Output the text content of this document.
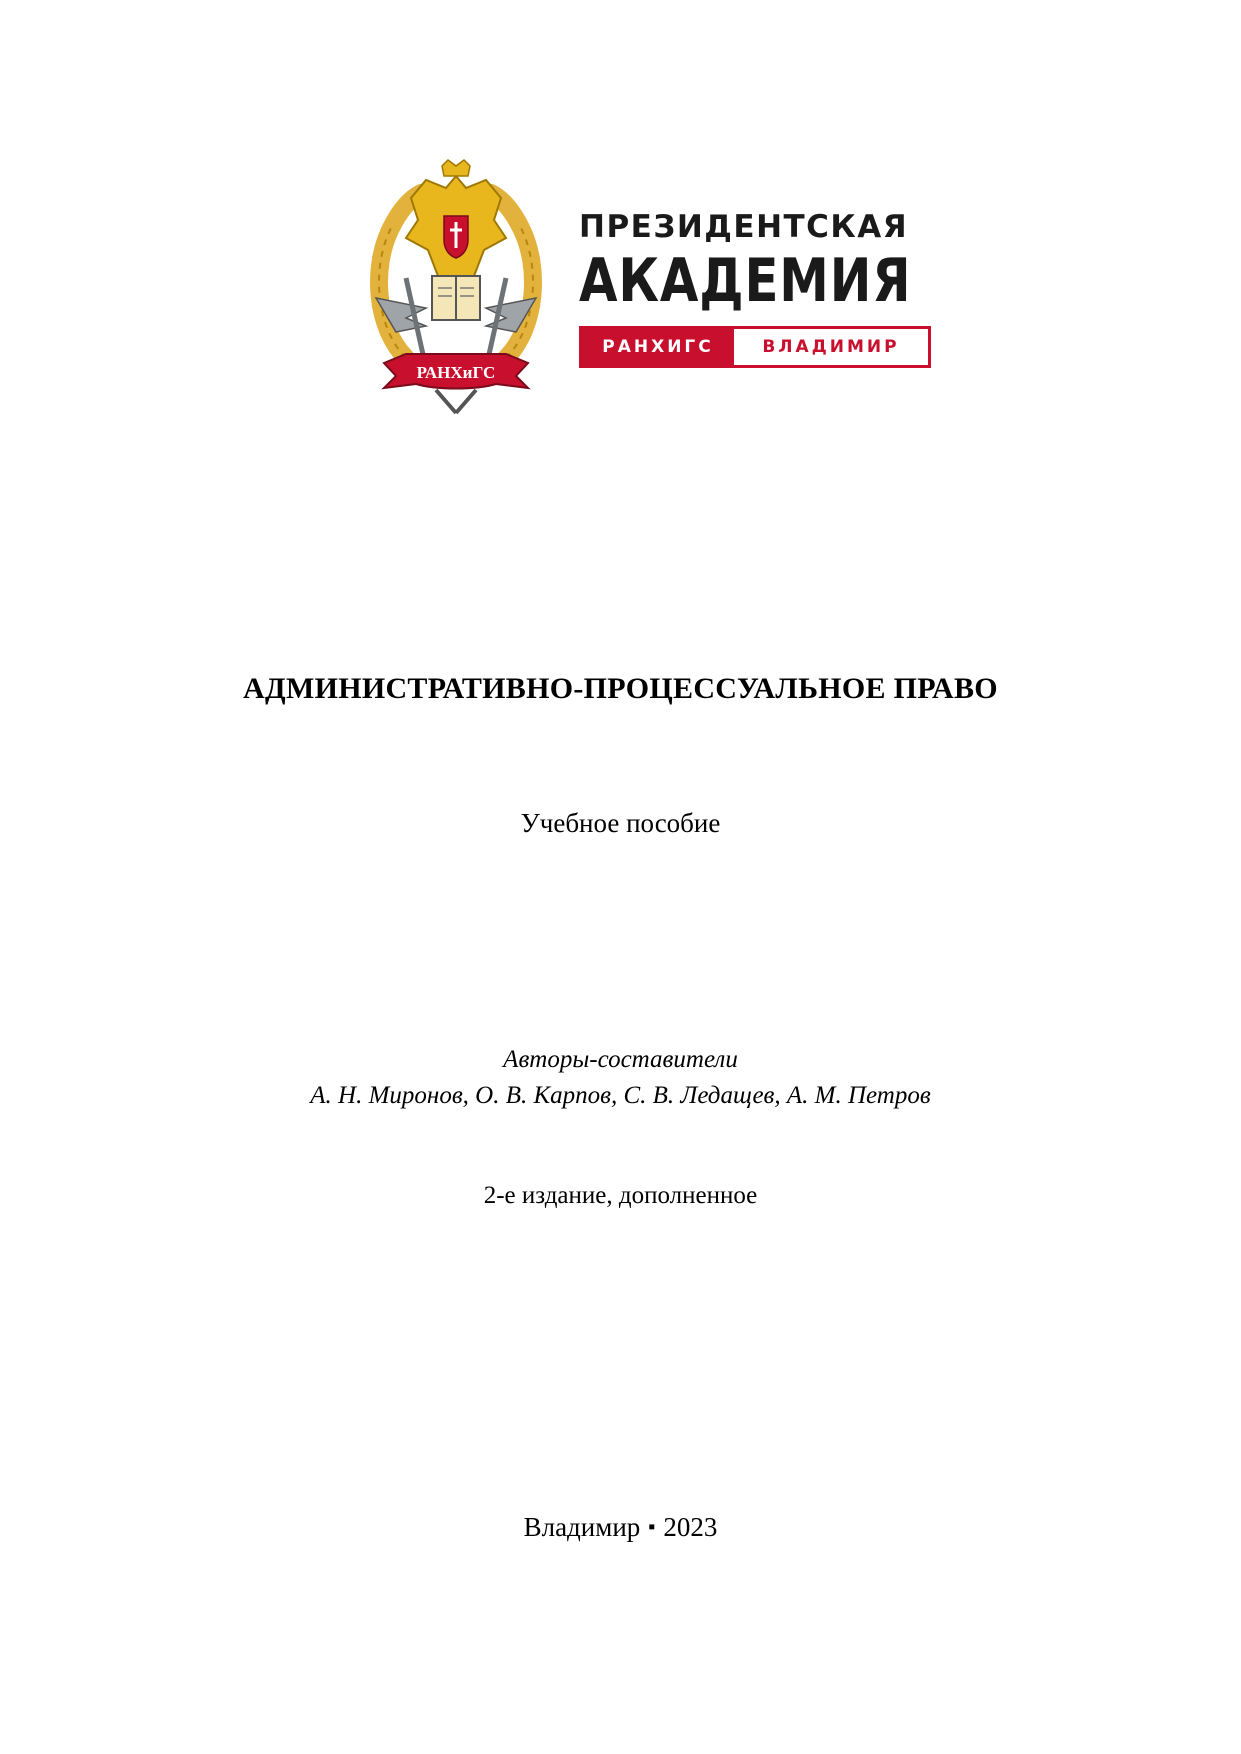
РАНХиГС
ПРЕЗИДЕНТСКАЯ
АКАДЕМИЯ
РАНХИГС	ВЛАДИМИР
АДМИНИСТРАТИВНО-ПРОЦЕССУАЛЬНОЕ ПРАВО
Учебное пособие
Авторы-составители
А. Н. Миронов, О. В. Карпов, С. В. Ледащев, А. М. Петров
2-е издание, дополненное
Владимир ▪ 2023
